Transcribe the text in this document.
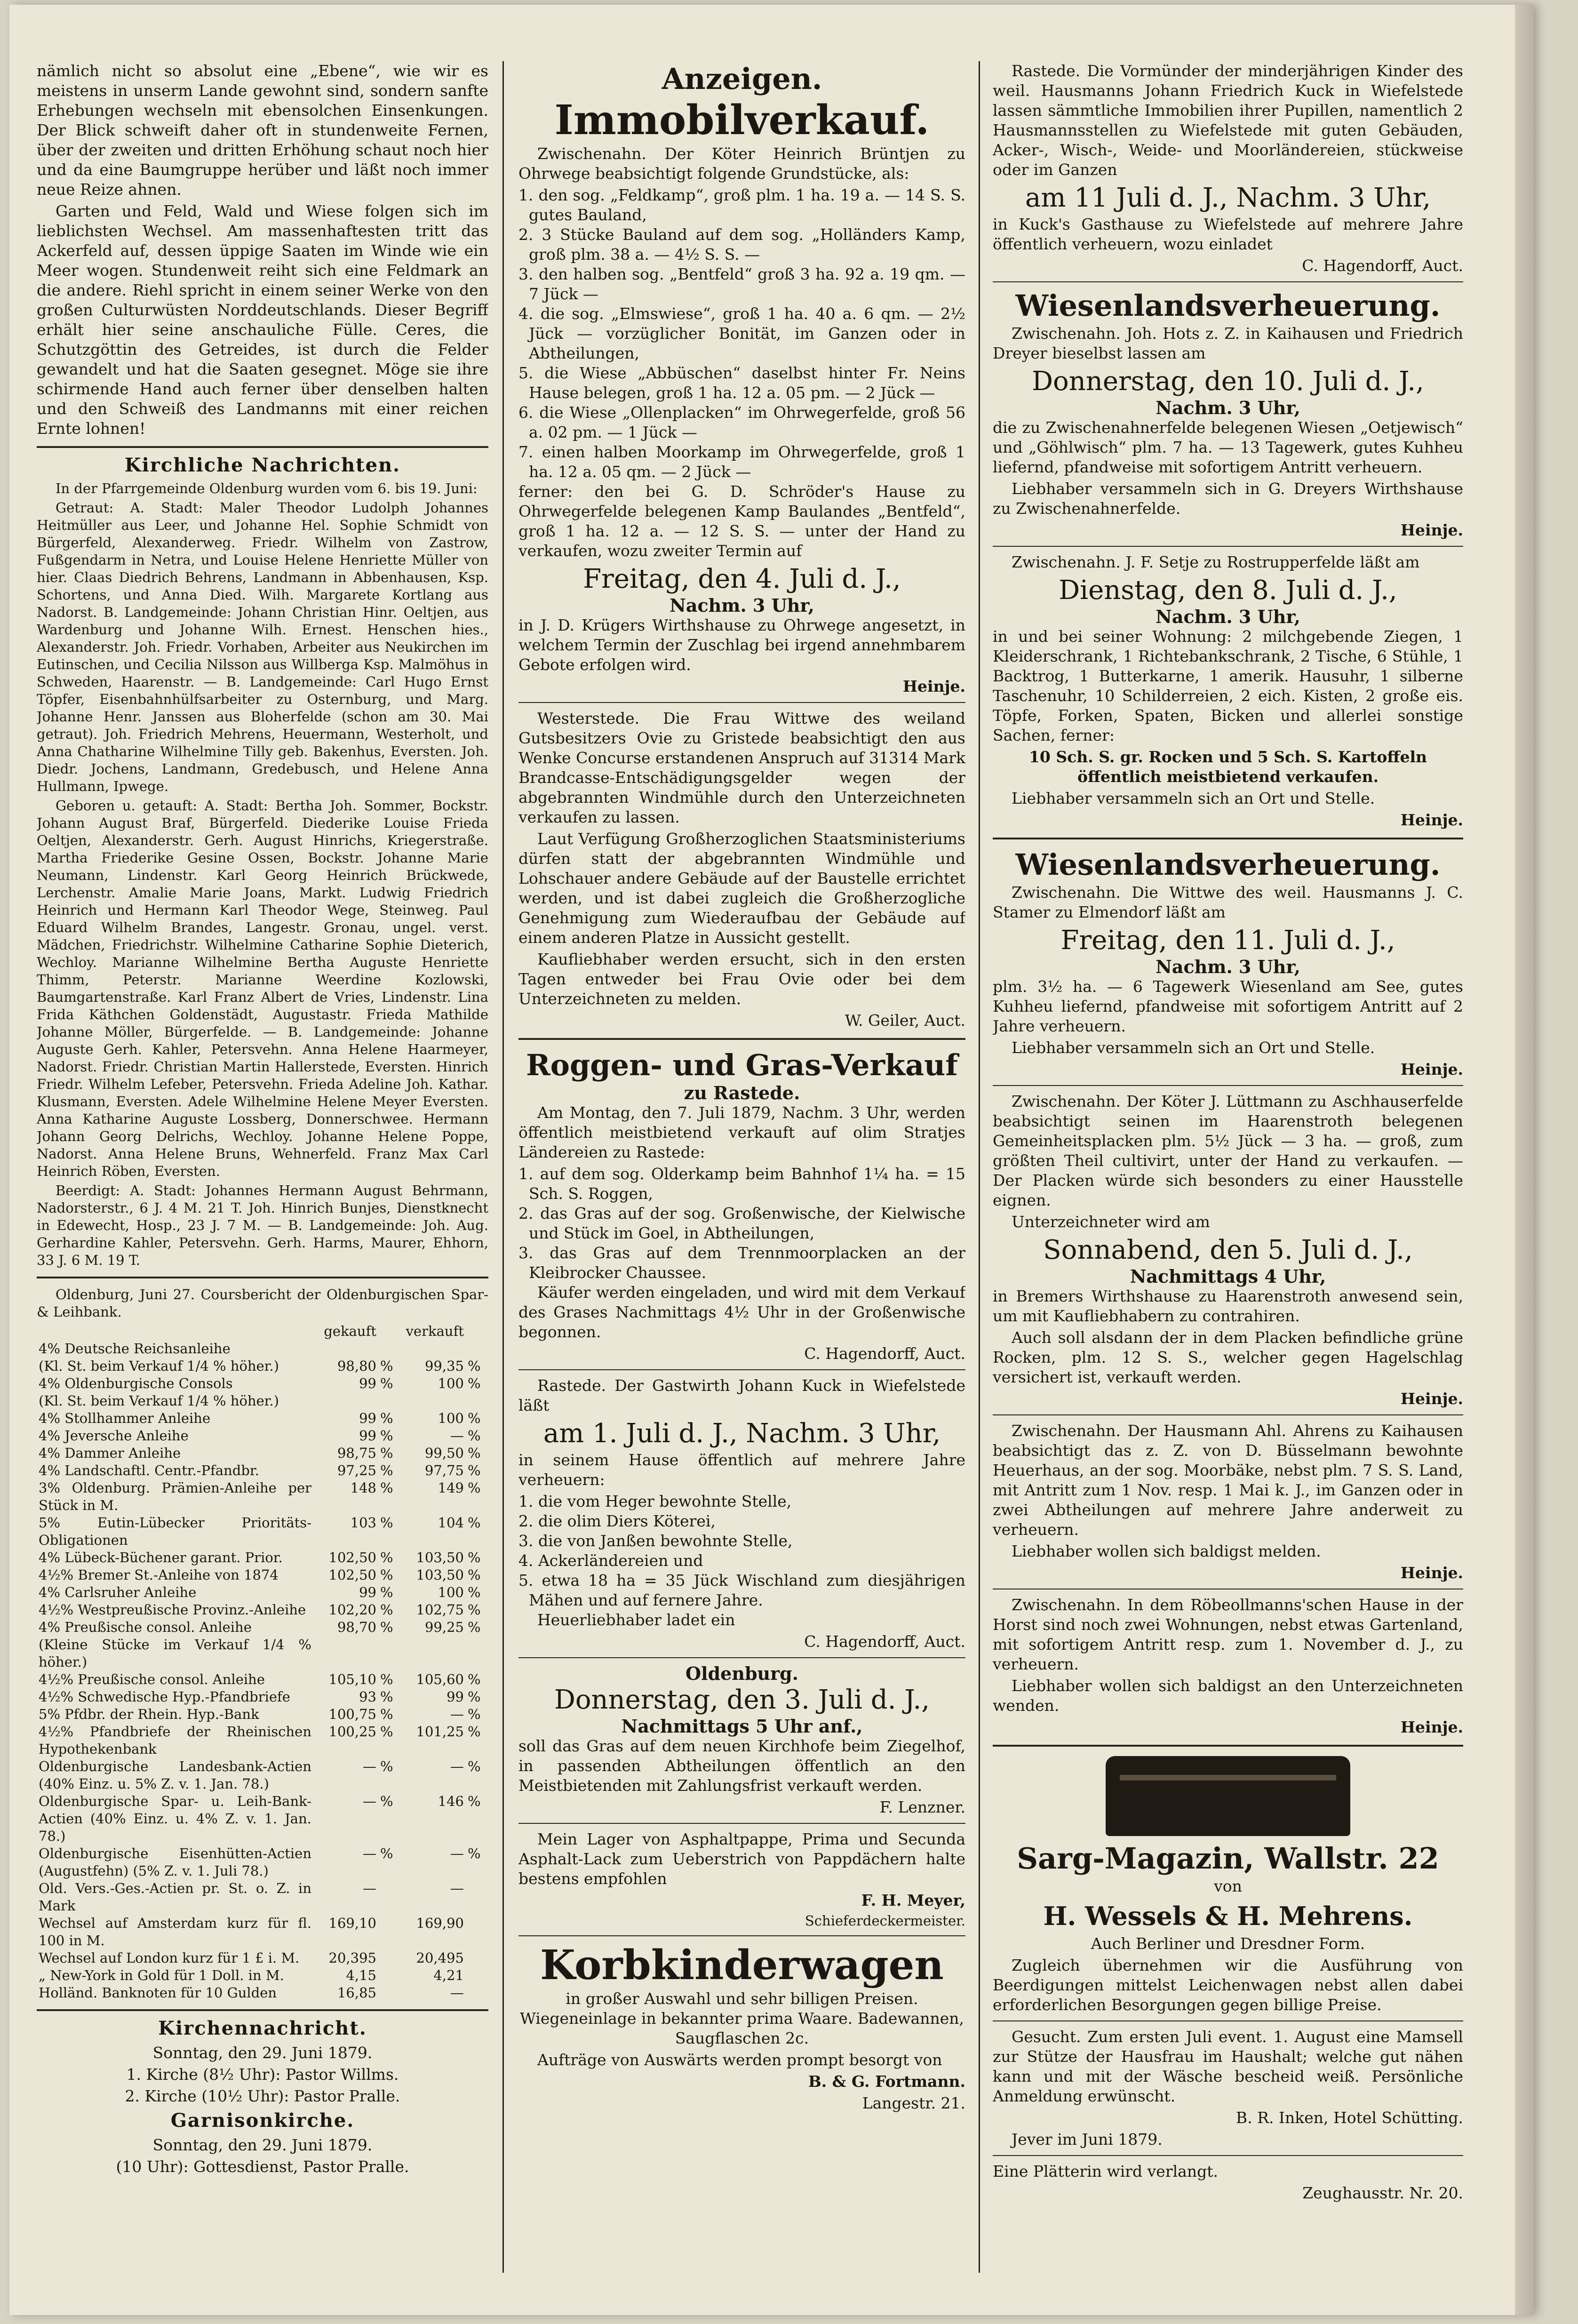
nämlich nicht so absolut eine „Ebene“, wie wir es meistens in unserm Lande gewohnt sind, sondern sanfte Erhebungen wechseln mit ebensolchen Einsenkungen. Der Blick schweift daher oft in stundenweite Fernen, über der zweiten und dritten Erhöhung schaut noch hier und da eine Baumgruppe herüber und läßt noch immer neue Reize ahnen.

Garten und Feld, Wald und Wiese folgen sich im lieblichsten Wechsel. Am massenhaftesten tritt das Ackerfeld auf, dessen üppige Saaten im Winde wie ein Meer wogen. Stundenweit reiht sich eine Feldmark an die andere. Riehl spricht in einem seiner Werke von den großen Culturwüsten Norddeutschlands. Dieser Begriff erhält hier seine anschauliche Fülle. Ceres, die Schutzgöttin des Getreides, ist durch die Felder gewandelt und hat die Saaten gesegnet. Möge sie ihre schirmende Hand auch ferner über denselben halten und den Schweiß des Landmanns mit einer reichen Ernte lohnen!

Kirchliche Nachrichten.

In der Pfarrgemeinde Oldenburg wurden vom 6. bis 19. Juni:

Getraut: A. Stadt: Maler Theodor Ludolph Johannes Heitmüller aus Leer, und Johanne Hel. Sophie Schmidt von Bürgerfeld, Alexanderweg. Friedr. Wilhelm von Zastrow, Fußgendarm in Netra, und Louise Helene Henriette Müller von hier. Claas Diedrich Behrens, Landmann in Abbenhausen, Ksp. Schortens, und Anna Died. Wilh. Margarete Kortlang aus Nadorst. B. Landgemeinde: Johann Christian Hinr. Oeltjen, aus Wardenburg und Johanne Wilh. Ernest. Henschen hies., Alexanderstr. Joh. Friedr. Vorhaben, Arbeiter aus Neukirchen im Eutinschen, und Cecilia Nilsson aus Willberga Ksp. Malmöhus in Schweden, Haarenstr. — B. Landgemeinde: Carl Hugo Ernst Töpfer, Eisenbahnhülfsarbeiter zu Osternburg, und Marg. Johanne Henr. Janssen aus Bloherfelde (schon am 30. Mai getraut). Joh. Friedrich Mehrens, Heuermann, Westerholt, und Anna Chatharine Wilhelmine Tilly geb. Bakenhus, Eversten. Joh. Diedr. Jochens, Landmann, Gredebusch, und Helene Anna Hullmann, Ipwege.

Geboren u. getauft: A. Stadt: Bertha Joh. Sommer, Bockstr. Johann August Braf, Bürgerfeld. Diederike Louise Frieda Oeltjen, Alexanderstr. Gerh. August Hinrichs, Kriegerstraße. Martha Friederike Gesine Ossen, Bockstr. Johanne Marie Neumann, Lindenstr. Karl Georg Heinrich Brückwede, Lerchenstr. Amalie Marie Joans, Markt. Ludwig Friedrich Heinrich und Hermann Karl Theodor Wege, Steinweg. Paul Eduard Wilhelm Brandes, Langestr. Gronau, ungel. verst. Mädchen, Friedrichstr. Wilhelmine Catharine Sophie Dieterich, Wechloy. Marianne Wilhelmine Bertha Auguste Henriette Thimm, Peterstr. Marianne Weerdine Kozlowski, Baumgartenstraße. Karl Franz Albert de Vries, Lindenstr. Lina Frida Käthchen Goldenstädt, Augustastr. Frieda Mathilde Johanne Möller, Bürgerfelde. — B. Landgemeinde: Johanne Auguste Gerh. Kahler, Petersvehn. Anna Helene Haarmeyer, Nadorst. Friedr. Christian Martin Hallerstede, Eversten. Hinrich Friedr. Wilhelm Lefeber, Petersvehn. Frieda Adeline Joh. Kathar. Klusmann, Eversten. Adele Wilhelmine Helene Meyer Eversten. Anna Katharine Auguste Lossberg, Donnerschwee. Hermann Johann Georg Delrichs, Wechloy. Johanne Helene Poppe, Nadorst. Anna Helene Bruns, Wehnerfeld. Franz Max Carl Heinrich Röben, Eversten.

Beerdigt: A. Stadt: Johannes Hermann August Behrmann, Nadorsterstr., 6 J. 4 M. 21 T. Joh. Hinrich Bunjes, Dienstknecht in Edewecht, Hosp., 23 J. 7 M. — B. Landgemeinde: Joh. Aug. Gerhardine Kahler, Petersvehn. Gerh. Harms, Maurer, Ehhorn, 33 J. 6 M. 19 T.

Oldenburg, Juni 27. Coursbericht der Oldenburgischen Spar- & Leihbank.

	gekauft		verkauft	
4% Deutsche Reichsanleihe				
(Kl. St. beim Verkauf 1/4 % höher.)	98,80	%	99,35	%
4% Oldenburgische Consols	99	%	100	%
(Kl. St. beim Verkauf 1/4 % höher.)				
4% Stollhammer Anleihe	99	%	100	%
4% Jeversche Anleihe	99	%	—	%
4% Dammer Anleihe	98,75	%	99,50	%
4% Landschaftl. Centr.-Pfandbr.	97,25	%	97,75	%
3% Oldenburg. Prämien-Anleihe per Stück in M.	148	%	149	%
5% Eutin-Lübecker Prioritäts-Obligationen	103	%	104	%
4% Lübeck-Büchener garant. Prior.	102,50	%	103,50	%
4½% Bremer St.-Anleihe von 1874	102,50	%	103,50	%
4% Carlsruher Anleihe	99	%	100	%
4½% Westpreußische Provinz.-Anleihe	102,20	%	102,75	%
4% Preußische consol. Anleihe	98,70	%	99,25	%
(Kleine Stücke im Verkauf 1/4 % höher.)				
4½% Preußische consol. Anleihe	105,10	%	105,60	%
4½% Schwedische Hyp.-Pfandbriefe	93	%	99	%
5% Pfdbr. der Rhein. Hyp.-Bank	100,75	%	—	%
4½% Pfandbriefe der Rheinischen Hypothekenbank	100,25	%	101,25	%
Oldenburgische Landesbank-Actien (40% Einz. u. 5% Z. v. 1. Jan. 78.)	—	%	—	%
Oldenburgische Spar- u. Leih-Bank-Actien (40% Einz. u. 4% Z. v. 1. Jan. 78.)	—	%	146	%
Oldenburgische Eisenhütten-Actien (Augustfehn) (5% Z. v. 1. Juli 78.)	—	%	—	%
Old. Vers.-Ges.-Actien pr. St. o. Z. in Mark	—		—	
Wechsel auf Amsterdam kurz für fl. 100 in M.	169,10		169,90	
Wechsel auf London kurz für 1 £ i. M.	20,395		20,495	
„ New-York in Gold für 1 Doll. in M.	4,15		4,21	
Holländ. Banknoten für 10 Gulden	16,85		—	
Kirchennachricht.

Sonntag, den 29. Juni 1879.

1. Kirche (8½ Uhr): Pastor Willms.

2. Kirche (10½ Uhr): Pastor Pralle.

Garnisonkirche.

Sonntag, den 29. Juni 1879.

(10 Uhr): Gottesdienst, Pastor Pralle.

Anzeigen.
Immobilverkauf.

Zwischenahn. Der Köter Heinrich Brüntjen zu Ohrwege beabsichtigt folgende Grundstücke, als:

1. den sog. „Feldkamp“, groß plm. 1 ha. 19 a. — 14 S. S. gutes Bauland,
2. 3 Stücke Bauland auf dem sog. „Holländers Kamp, groß plm. 38 a. — 4½ S. S. —
3. den halben sog. „Bentfeld“ groß 3 ha. 92 a. 19 qm. — 7 Jück —
4. die sog. „Elmswiese“, groß 1 ha. 40 a. 6 qm. — 2½ Jück — vorzüglicher Bonität, im Ganzen oder in Abtheilungen,
5. die Wiese „Abbüschen“ daselbst hinter Fr. Neins Hause belegen, groß 1 ha. 12 a. 05 pm. — 2 Jück —
6. die Wiese „Ollenplacken“ im Ohrwegerfelde, groß 56 a. 02 pm. — 1 Jück —
7. einen halben Moorkamp im Ohrwegerfelde, groß 1 ha. 12 a. 05 qm. — 2 Jück —

ferner: den bei G. D. Schröder's Hause zu Ohrwegerfelde belegenen Kamp Baulandes „Bentfeld“, groß 1 ha. 12 a. — 12 S. S. — unter der Hand zu verkaufen, wozu zweiter Termin auf

Freitag, den 4. Juli d. J.,
Nachm. 3 Uhr,

in J. D. Krügers Wirthshause zu Ohrwege angesetzt, in welchem Termin der Zuschlag bei irgend annehmbarem Gebote erfolgen wird.

Heinje.

Westerstede. Die Frau Wittwe des weiland Gutsbesitzers Ovie zu Gristede beabsichtigt den aus Wenke Concurse erstandenen Anspruch auf 31314 Mark Brandcasse-Entschädigungsgelder wegen der abgebrannten Windmühle durch den Unterzeichneten verkaufen zu lassen.

Laut Verfügung Großherzoglichen Staatsministeriums dürfen statt der abgebrannten Windmühle und Lohschauer andere Gebäude auf der Baustelle errichtet werden, und ist dabei zugleich die Großherzogliche Genehmigung zum Wiederaufbau der Gebäude auf einem anderen Platze in Aussicht gestellt.

Kaufliebhaber werden ersucht, sich in den ersten Tagen entweder bei Frau Ovie oder bei dem Unterzeichneten zu melden.

W. Geiler, Auct.

Roggen- und Gras-Verkauf
zu Rastede.

Am Montag, den 7. Juli 1879, Nachm. 3 Uhr, werden öffentlich meistbietend verkauft auf olim Stratjes Ländereien zu Rastede:

1. auf dem sog. Olderkamp beim Bahnhof 1¼ ha. = 15 Sch. S. Roggen,
2. das Gras auf der sog. Großenwische, der Kielwische und Stück im Goel, in Abtheilungen,
3. das Gras auf dem Trennmoorplacken an der Kleibrocker Chaussee.

Käufer werden eingeladen, und wird mit dem Verkauf des Grases Nachmittags 4½ Uhr in der Großenwische begonnen.

C. Hagendorff, Auct.

Rastede. Der Gastwirth Johann Kuck in Wiefelstede läßt

am 1. Juli d. J., Nachm. 3 Uhr,

in seinem Hause öffentlich auf mehrere Jahre verheuern:

1. die vom Heger bewohnte Stelle,
2. die olim Diers Köterei,
3. die von Janßen bewohnte Stelle,
4. Ackerländereien und
5. etwa 18 ha = 35 Jück Wischland zum diesjährigen Mähen und auf fernere Jahre.

Heuerliebhaber ladet ein

C. Hagendorff, Auct.

Oldenburg.
Donnerstag, den 3. Juli d. J.,
Nachmittags 5 Uhr anf.,

soll das Gras auf dem neuen Kirchhofe beim Ziegelhof, in passenden Abtheilungen öffentlich an den Meistbietenden mit Zahlungsfrist verkauft werden.

F. Lenzner.

Mein Lager von Asphaltpappe, Prima und Secunda Asphalt-Lack zum Ueberstrich von Pappdächern halte bestens empfohlen

F. H. Meyer,

Schieferdeckermeister.

Korbkinderwagen

in großer Auswahl und sehr billigen Preisen. Wiegeneinlage in bekannter prima Waare. Badewannen, Saugflaschen 2c.

Aufträge von Auswärts werden prompt besorgt von

B. & G. Fortmann.

Langestr. 21.

Rastede. Die Vormünder der minderjährigen Kinder des weil. Hausmanns Johann Friedrich Kuck in Wiefelstede lassen sämmtliche Immobilien ihrer Pupillen, namentlich 2 Hausmannsstellen zu Wiefelstede mit guten Gebäuden, Acker-, Wisch-, Weide- und Moorländereien, stückweise oder im Ganzen

am 11 Juli d. J., Nachm. 3 Uhr,

in Kuck's Gasthause zu Wiefelstede auf mehrere Jahre öffentlich verheuern, wozu einladet

C. Hagendorff, Auct.

Wiesenlandsverheuerung.

Zwischenahn. Joh. Hots z. Z. in Kaihausen und Friedrich Dreyer bieselbst lassen am

Donnerstag, den 10. Juli d. J.,
Nachm. 3 Uhr,

die zu Zwischenahnerfelde belegenen Wiesen „Oetjewisch“ und „Göhlwisch“ plm. 7 ha. — 13 Tagewerk, gutes Kuhheu liefernd, pfandweise mit sofortigem Antritt verheuern.

Liebhaber versammeln sich in G. Dreyers Wirthshause zu Zwischenahnerfelde.

Heinje.

Zwischenahn. J. F. Setje zu Rostrupperfelde läßt am

Dienstag, den 8. Juli d. J.,
Nachm. 3 Uhr,

in und bei seiner Wohnung: 2 milchgebende Ziegen, 1 Kleiderschrank, 1 Richtebankschrank, 2 Tische, 6 Stühle, 1 Backtrog, 1 Butterkarne, 1 amerik. Hausuhr, 1 silberne Taschenuhr, 10 Schilderreien, 2 eich. Kisten, 2 große eis. Töpfe, Forken, Spaten, Bicken und allerlei sonstige Sachen, ferner:

10 Sch. S. gr. Rocken und 5 Sch. S. Kartoffeln öffentlich meistbietend verkaufen.

Liebhaber versammeln sich an Ort und Stelle.

Heinje.

Wiesenlandsverheuerung.

Zwischenahn. Die Wittwe des weil. Hausmanns J. C. Stamer zu Elmendorf läßt am

Freitag, den 11. Juli d. J.,
Nachm. 3 Uhr,

plm. 3½ ha. — 6 Tagewerk Wiesenland am See, gutes Kuhheu liefernd, pfandweise mit sofortigem Antritt auf 2 Jahre verheuern.

Liebhaber versammeln sich an Ort und Stelle.

Heinje.

Zwischenahn. Der Köter J. Lüttmann zu Aschhauserfelde beabsichtigt seinen im Haarenstroth belegenen Gemeinheitsplacken plm. 5½ Jück — 3 ha. — groß, zum größten Theil cultivirt, unter der Hand zu verkaufen. — Der Placken würde sich besonders zu einer Hausstelle eignen.

Unterzeichneter wird am

Sonnabend, den 5. Juli d. J.,
Nachmittags 4 Uhr,

in Bremers Wirthshause zu Haarenstroth anwesend sein, um mit Kaufliebhabern zu contrahiren.

Auch soll alsdann der in dem Placken befindliche grüne Rocken, plm. 12 S. S., welcher gegen Hagelschlag versichert ist, verkauft werden.

Heinje.

Zwischenahn. Der Hausmann Ahl. Ahrens zu Kaihausen beabsichtigt das z. Z. von D. Büsselmann bewohnte Heuerhaus, an der sog. Moorbäke, nebst plm. 7 S. S. Land, mit Antritt zum 1 Nov. resp. 1 Mai k. J., im Ganzen oder in zwei Abtheilungen auf mehrere Jahre anderweit zu verheuern.

Liebhaber wollen sich baldigst melden.

Heinje.

Zwischenahn. In dem Röbeollmanns'schen Hause in der Horst sind noch zwei Wohnungen, nebst etwas Gartenland, mit sofortigem Antritt resp. zum 1. November d. J., zu verheuern.

Liebhaber wollen sich baldigst an den Unterzeichneten wenden.

Heinje.

Sarg-Magazin, Wallstr. 22

von

H. Wessels & H. Mehrens.

Auch Berliner und Dresdner Form.

Zugleich übernehmen wir die Ausführung von Beerdigungen mittelst Leichenwagen nebst allen dabei erforderlichen Besorgungen gegen billige Preise.

Gesucht. Zum ersten Juli event. 1. August eine Mamsell zur Stütze der Hausfrau im Haushalt; welche gut nähen kann und mit der Wäsche bescheid weiß. Persönliche Anmeldung erwünscht.

B. R. Inken, Hotel Schütting.

Jever im Juni 1879.

Eine Plätterin wird verlangt.

Zeughausstr. Nr. 20.
